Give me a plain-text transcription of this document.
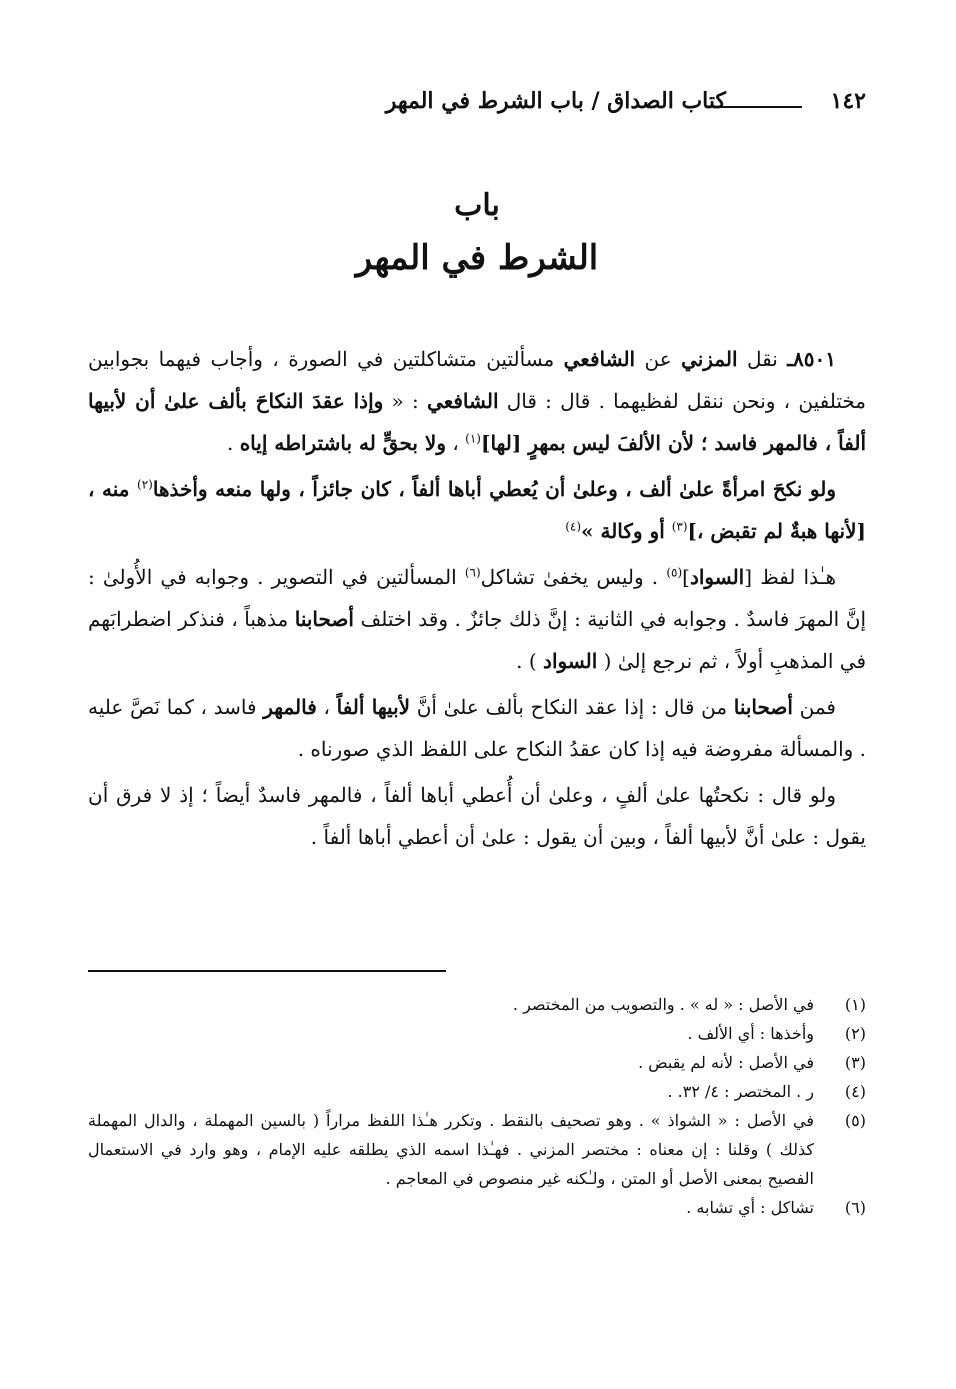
١٤٢
كتاب الصداق / باب الشرط في المهر
باب
الشرط في المهر

٨٥٠١ـ نقل المزني عن الشافعي مسألتين متشاكلتين في الصورة ، وأجاب فيهما بجوابين مختلفين ، ونحن ننقل لفظيهما . قال : قال الشافعي : « وإذا عقدَ النكاحَ بألف علىٰ أن لأبيها ألفاً ، فالمهر فاسد ؛ لأن الألفَ ليس بمهرٍ [لها]$^{(١)}$ ، ولا بحقٍّ له باشتراطه إياه .

ولو نكحَ امرأةً علىٰ ألف ، وعلىٰ أن يُعطي أباها ألفاً ، كان جائزاً ، ولها منعه وأخذها$^{(٢)}$ منه ، [لأنها هبةٌ لم تقبض ،]$^{(٣)}$ أو وكالة »$^{(٤)}$

هـٰذا لفظ [السواد]$^{(٥)}$ . وليس يخفىٰ تشاكل$^{(٦)}$ المسألتين في التصوير . وجوابه في الأُولىٰ : إنَّ المهرَ فاسدٌ . وجوابه في الثانية : إنَّ ذلك جائزٌ . وقد اختلف أصحابنا مذهباً ، فنذكر اضطرابَهم في المذهبِ أولاً ، ثم نرجع إلىٰ ( السواد ) .

فمن أصحابنا من قال : إذا عقد النكاح بألف علىٰ أنَّ لأبيها ألفاً ، فالمهر فاسد ، كما نَصَّ عليه . والمسألة مفروضة فيه إذا كان عقدُ النكاح على اللفظ الذي صورناه .

ولو قال : نكحتُها علىٰ ألفٍ ، وعلىٰ أن أُعطي أباها ألفاً ، فالمهر فاسدٌ أيضاً ؛ إذ لا فرق أن يقول : علىٰ أنَّ لأبيها ألفاً ، وبين أن يقول : علىٰ أن أعطي أباها ألفاً .

(١)
في الأصل : « له » . والتصويب من المختصر .
(٢)
وأخذها : أي الألف .
(٣)
في الأصل : لأنه لم يقبض .
(٤)
ر . المختصر : ٤/ ٣٢. .
(٥)
في الأصل : « الشواذ » . وهو تصحيف بالنقط . وتكرر هـٰذا اللفظ مراراً ( بالسين المهملة ، والدال المهملة كذلك ) وقلنا : إن معناه : مختصر المزني . فهـٰذا اسمه الذي يطلقه عليه الإمام ، وهو وارد في الاستعمال الفصيح بمعنى الأصل أو المتن ، ولـٰكنه غير منصوص في المعاجم .
(٦)
تشاكل : أي تشابه .
